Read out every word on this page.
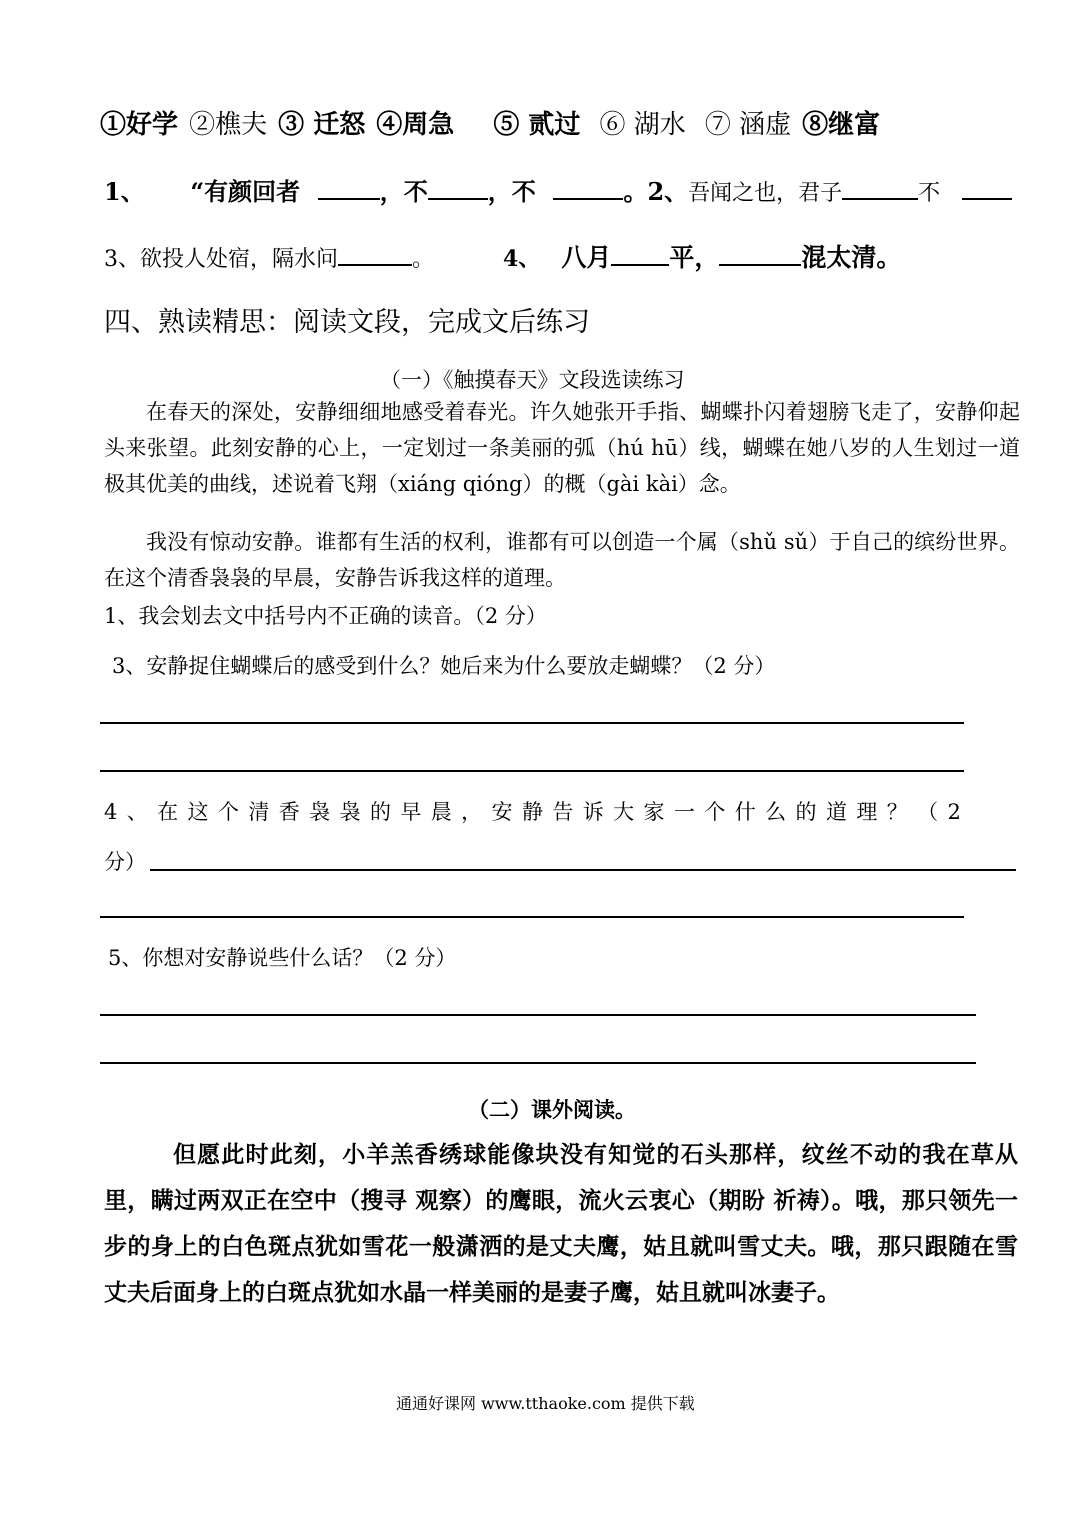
①好学 ②樵夫 ③ 迁怒 ④周急 ⑤ 贰过 ⑥ 湖水 ⑦ 涵虚 ⑧继富
1、 “有颜回者	，不	，不	。2、吾闻之也，君子	不
3、欲投人处宿，隔水问	。	4、 八月 平，	混太清。
四、熟读精思：阅读文段，完成文后练习
（一）《触摸春天》文段选读练习
在春天的深处，安静细细地感受着春光。许久她张开手指、蝴蝶扑闪着翅膀飞走了，安静仰起头来张望。此刻安静的心上，一定划过一条美丽的弧（hú hū）线，蝴蝶在她八岁的人生划过一道极其优美的曲线，述说着飞翔（xiáng qióng）的概（gài kài）念。
我没有惊动安静。谁都有生活的权利，谁都有可以创造一个属（shǔ sǔ）于自己的缤纷世界。在这个清香袅袅的早晨，安静告诉我这样的道理。
1、我会划去文中括号内不正确的读音。（2 分）
3、安静捉住蝴蝶后的感受到什么？她后来为什么要放走蝴蝶？（2 分）
4、在这个清香袅袅的早晨，安静告诉大家一个什么的道理？（2
分）
5、你想对安静说些什么话？（2 分）
（二）课外阅读。
但愿此时此刻，小羊羔香绣球能像块没有知觉的石头那样，纹丝不动的我在草从里，瞒过两双正在空中（搜寻 观察）的鹰眼，流火云衷心（期盼 祈祷）。哦，那只领先一步的身上的白色斑点犹如雪花一般潇洒的是丈夫鹰，姑且就叫雪丈夫。哦，那只跟随在雪丈夫后面身上的白斑点犹如水晶一样美丽的是妻子鹰，姑且就叫冰妻子。
通通好课网 www.tthaoke.com 提供下载
